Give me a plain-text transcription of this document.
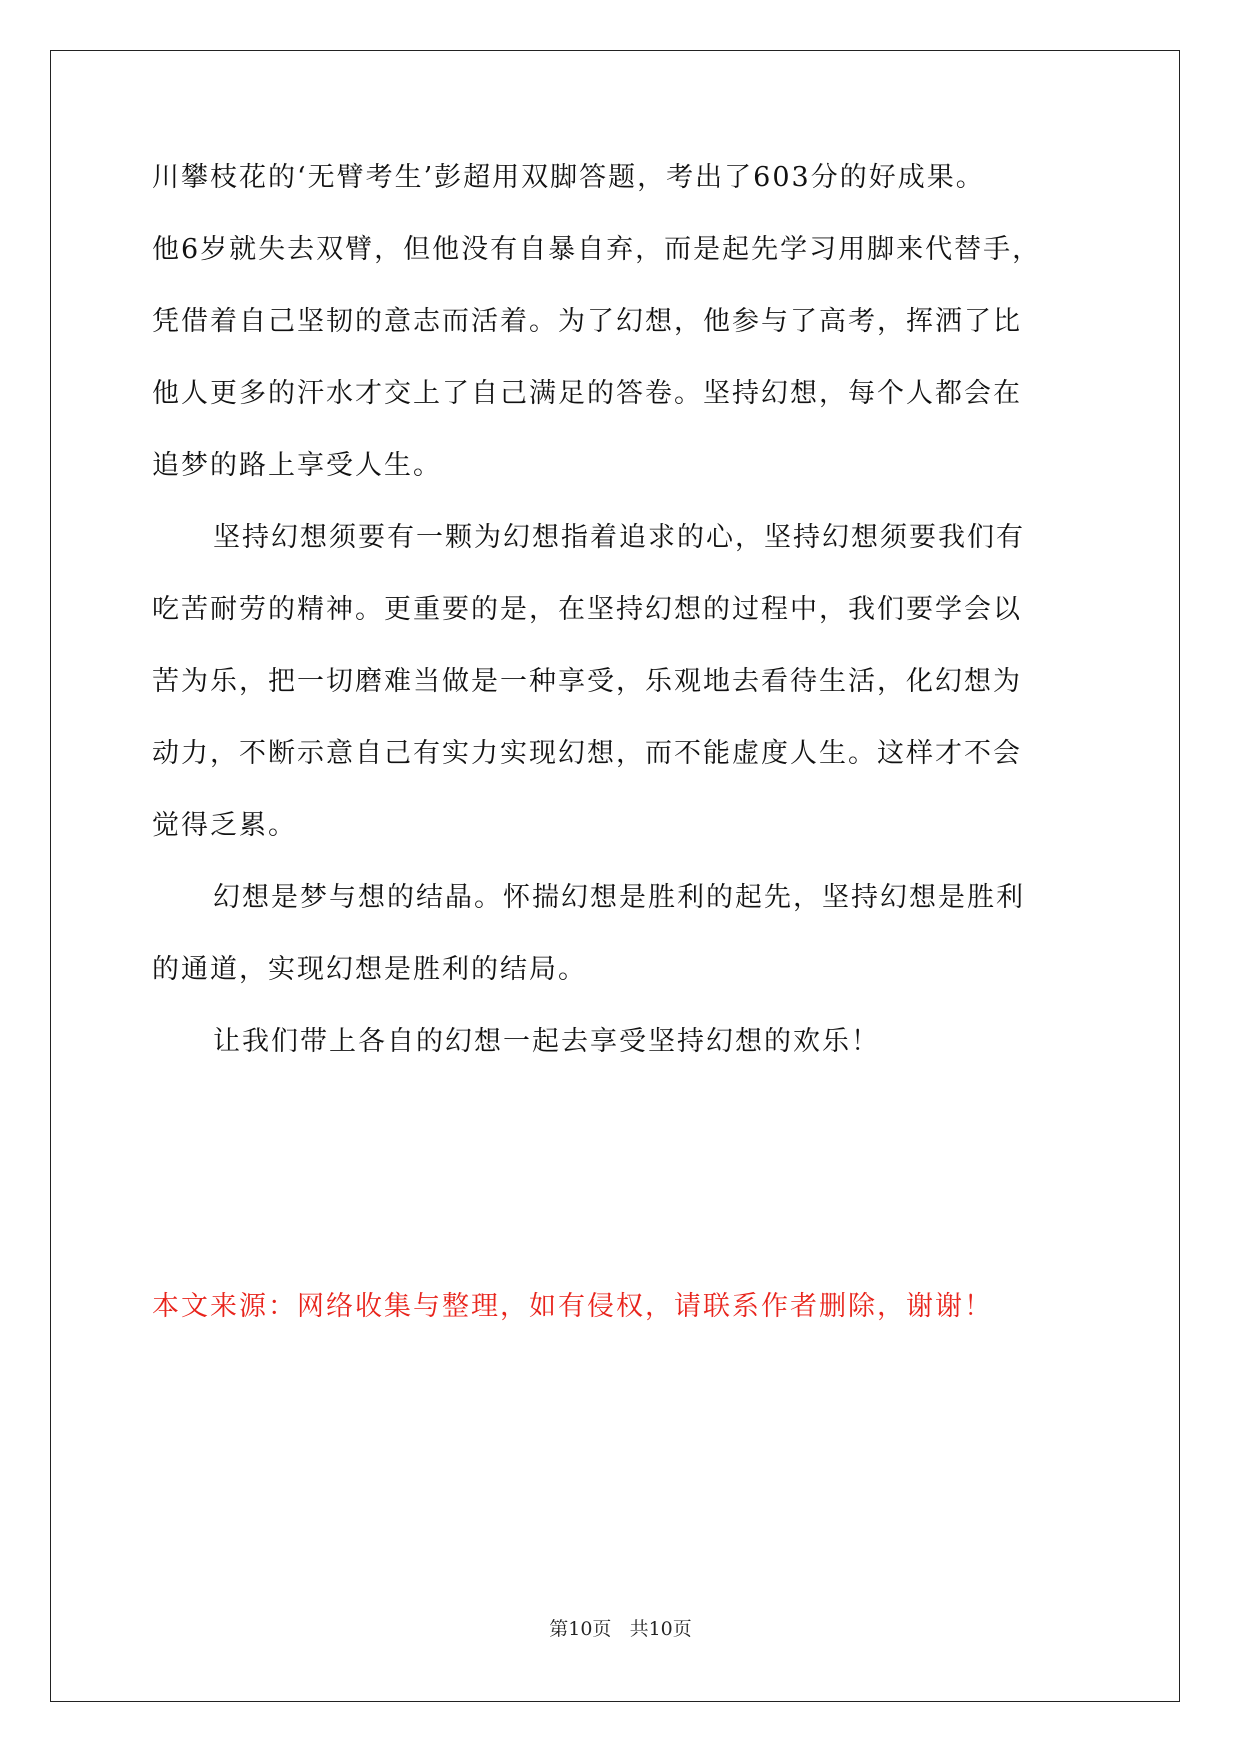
川攀枝花的‘无臂考生’彭超用双脚答题，考出了603分的好成果。
他6岁就失去双臂，但他没有自暴自弃，而是起先学习用脚来代替手，
凭借着自己坚韧的意志而活着。为了幻想，他参与了高考，挥洒了比
他人更多的汗水才交上了自己满足的答卷。坚持幻想，每个人都会在
追梦的路上享受人生。
坚持幻想须要有一颗为幻想指着追求的心，坚持幻想须要我们有
吃苦耐劳的精神。更重要的是，在坚持幻想的过程中，我们要学会以
苦为乐，把一切磨难当做是一种享受，乐观地去看待生活，化幻想为
动力，不断示意自己有实力实现幻想，而不能虚度人生。这样才不会
觉得乏累。
幻想是梦与想的结晶。怀揣幻想是胜利的起先，坚持幻想是胜利
的通道，实现幻想是胜利的结局。
让我们带上各自的幻想一起去享受坚持幻想的欢乐！
本文来源：网络收集与整理，如有侵权，请联系作者删除，谢谢！
第10页 共10页
